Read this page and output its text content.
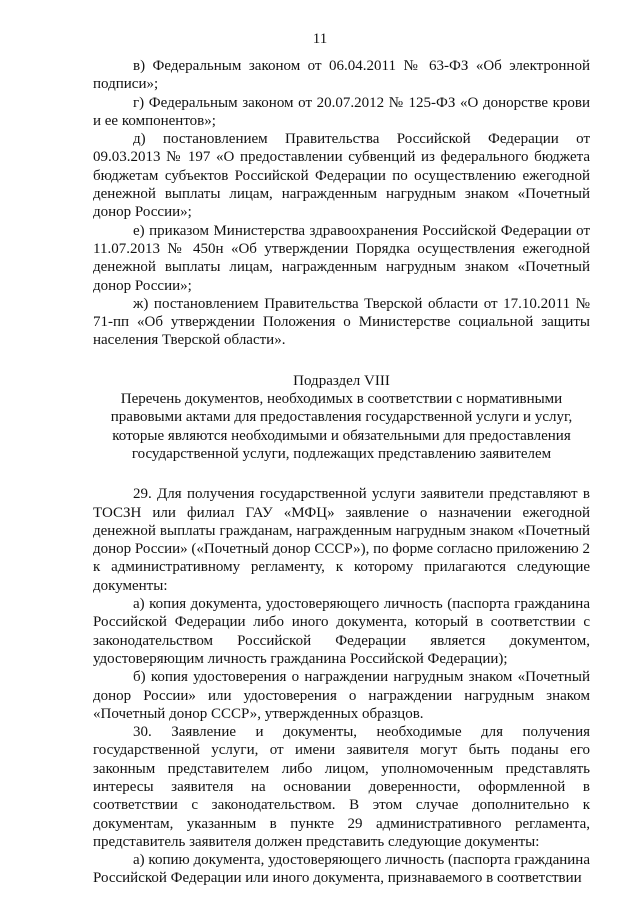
11

в) Федеральным законом от 06.04.2011 № 63-ФЗ «Об электронной подписи»;

г) Федеральным законом от 20.07.2012 № 125-ФЗ «О донорстве крови и ее компонентов»;

д) постановлением Правительства Российской Федерации от 09.03.2013 № 197 «О предоставлении субвенций из федерального бюджета бюджетам субъектов Российской Федерации по осуществлению ежегодной денежной выплаты лицам, награжденным нагрудным знаком «Почетный донор России»;

е) приказом Министерства здравоохранения Российской Федерации от 11.07.2013 № 450н «Об утверждении Порядка осуществления ежегодной денежной выплаты лицам, награжденным нагрудным знаком «Почетный донор России»;

ж) постановлением Правительства Тверской области от 17.10.2011 № 71-пп «Об утверждении Положения о Министерстве социальной защиты населения Тверской области».

Подраздел VIII
Перечень документов, необходимых в соответствии с нормативными
правовыми актами для предоставления государственной услуги и услуг,
которые являются необходимыми и обязательными для предоставления
государственной услуги, подлежащих представлению заявителем

29. Для получения государственной услуги заявители представляют в ТОСЗН или филиал ГАУ «МФЦ» заявление о назначении ежегодной денежной выплаты гражданам, награжденным нагрудным знаком «Почетный донор России» («Почетный донор СССР»), по форме согласно приложению 2 к административному регламенту, к которому прилагаются следующие документы:

а) копия документа, удостоверяющего личность (паспорта гражданина Российской Федерации либо иного документа, который в соответствии с законодательством Российской Федерации является документом, удостоверяющим личность гражданина Российской Федерации);

б) копия удостоверения о награждении нагрудным знаком «Почетный донор России» или удостоверения о награждении нагрудным знаком «Почетный донор СССР», утвержденных образцов.

30. Заявление и документы, необходимые для получения государственной услуги, от имени заявителя могут быть поданы его законным представителем либо лицом, уполномоченным представлять интересы заявителя на основании доверенности, оформленной в соответствии с законодательством. В этом случае дополнительно к документам, указанным в пункте 29 административного регламента, представитель заявителя должен представить следующие документы:

а) копию документа, удостоверяющего личность (паспорта гражданина Российской Федерации или иного документа, признаваемого в соответствии
